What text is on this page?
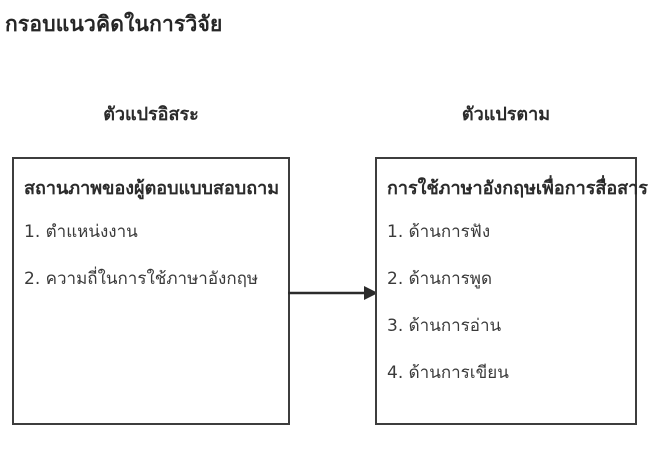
กรอบแนวคิดในการวิจัย
ตัวแปรอิสระ	ตัวแปรตาม
สถานภาพของผู้ตอบแบบสอบถาม
1. ตำแหน่งงาน
2. ความถี่ในการใช้ภาษาอังกฤษ
การใช้ภาษาอังกฤษเพื่อการสื่อสาร
1. ด้านการฟัง
2. ด้านการพูด
3. ด้านการอ่าน
4. ด้านการเขียน
